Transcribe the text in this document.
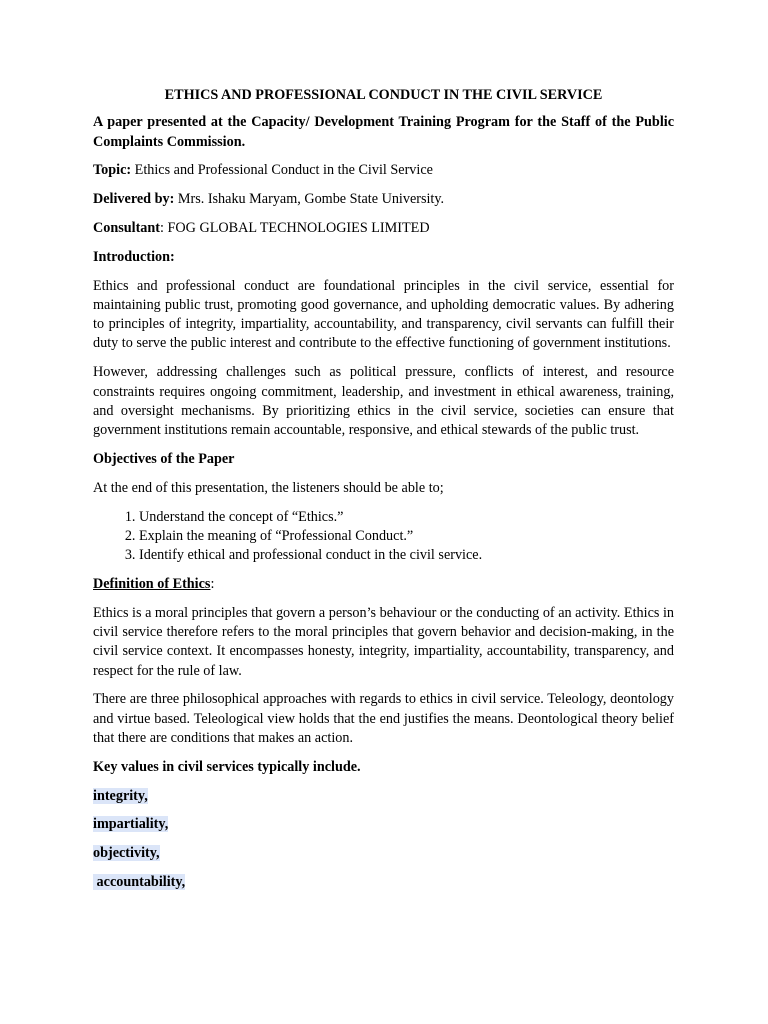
ETHICS AND PROFESSIONAL CONDUCT IN THE CIVIL SERVICE

A paper presented at the Capacity/ Development Training Program for the Staff of the Public Complaints Commission.

Topic: Ethics and Professional Conduct in the Civil Service

Delivered by: Mrs. Ishaku Maryam, Gombe State University.

Consultant: FOG GLOBAL TECHNOLOGIES LIMITED

Introduction:

Ethics and professional conduct are foundational principles in the civil service, essential for maintaining public trust, promoting good governance, and upholding democratic values. By adhering to principles of integrity, impartiality, accountability, and transparency, civil servants can fulfill their duty to serve the public interest and contribute to the effective functioning of government institutions.

However, addressing challenges such as political pressure, conflicts of interest, and resource constraints requires ongoing commitment, leadership, and investment in ethical awareness, training, and oversight mechanisms. By prioritizing ethics in the civil service, societies can ensure that government institutions remain accountable, responsive, and ethical stewards of the public trust.

Objectives of the Paper

At the end of this presentation, the listeners should be able to;

1. Understand the concept of “Ethics.”
2. Explain the meaning of “Professional Conduct.”
3. Identify ethical and professional conduct in the civil service.

Definition of Ethics:

Ethics is a moral principles that govern a person’s behaviour or the conducting of an activity. Ethics in civil service therefore refers to the moral principles that govern behavior and decision-making, in the civil service context. It encompasses honesty, integrity, impartiality, accountability, transparency, and respect for the rule of law.

There are three philosophical approaches with regards to ethics in civil service. Teleology, deontology and virtue based. Teleological view holds that the end justifies the means. Deontological theory belief that there are conditions that makes an action.

Key values in civil services typically include.

integrity,

impartiality,

objectivity,

accountability,
